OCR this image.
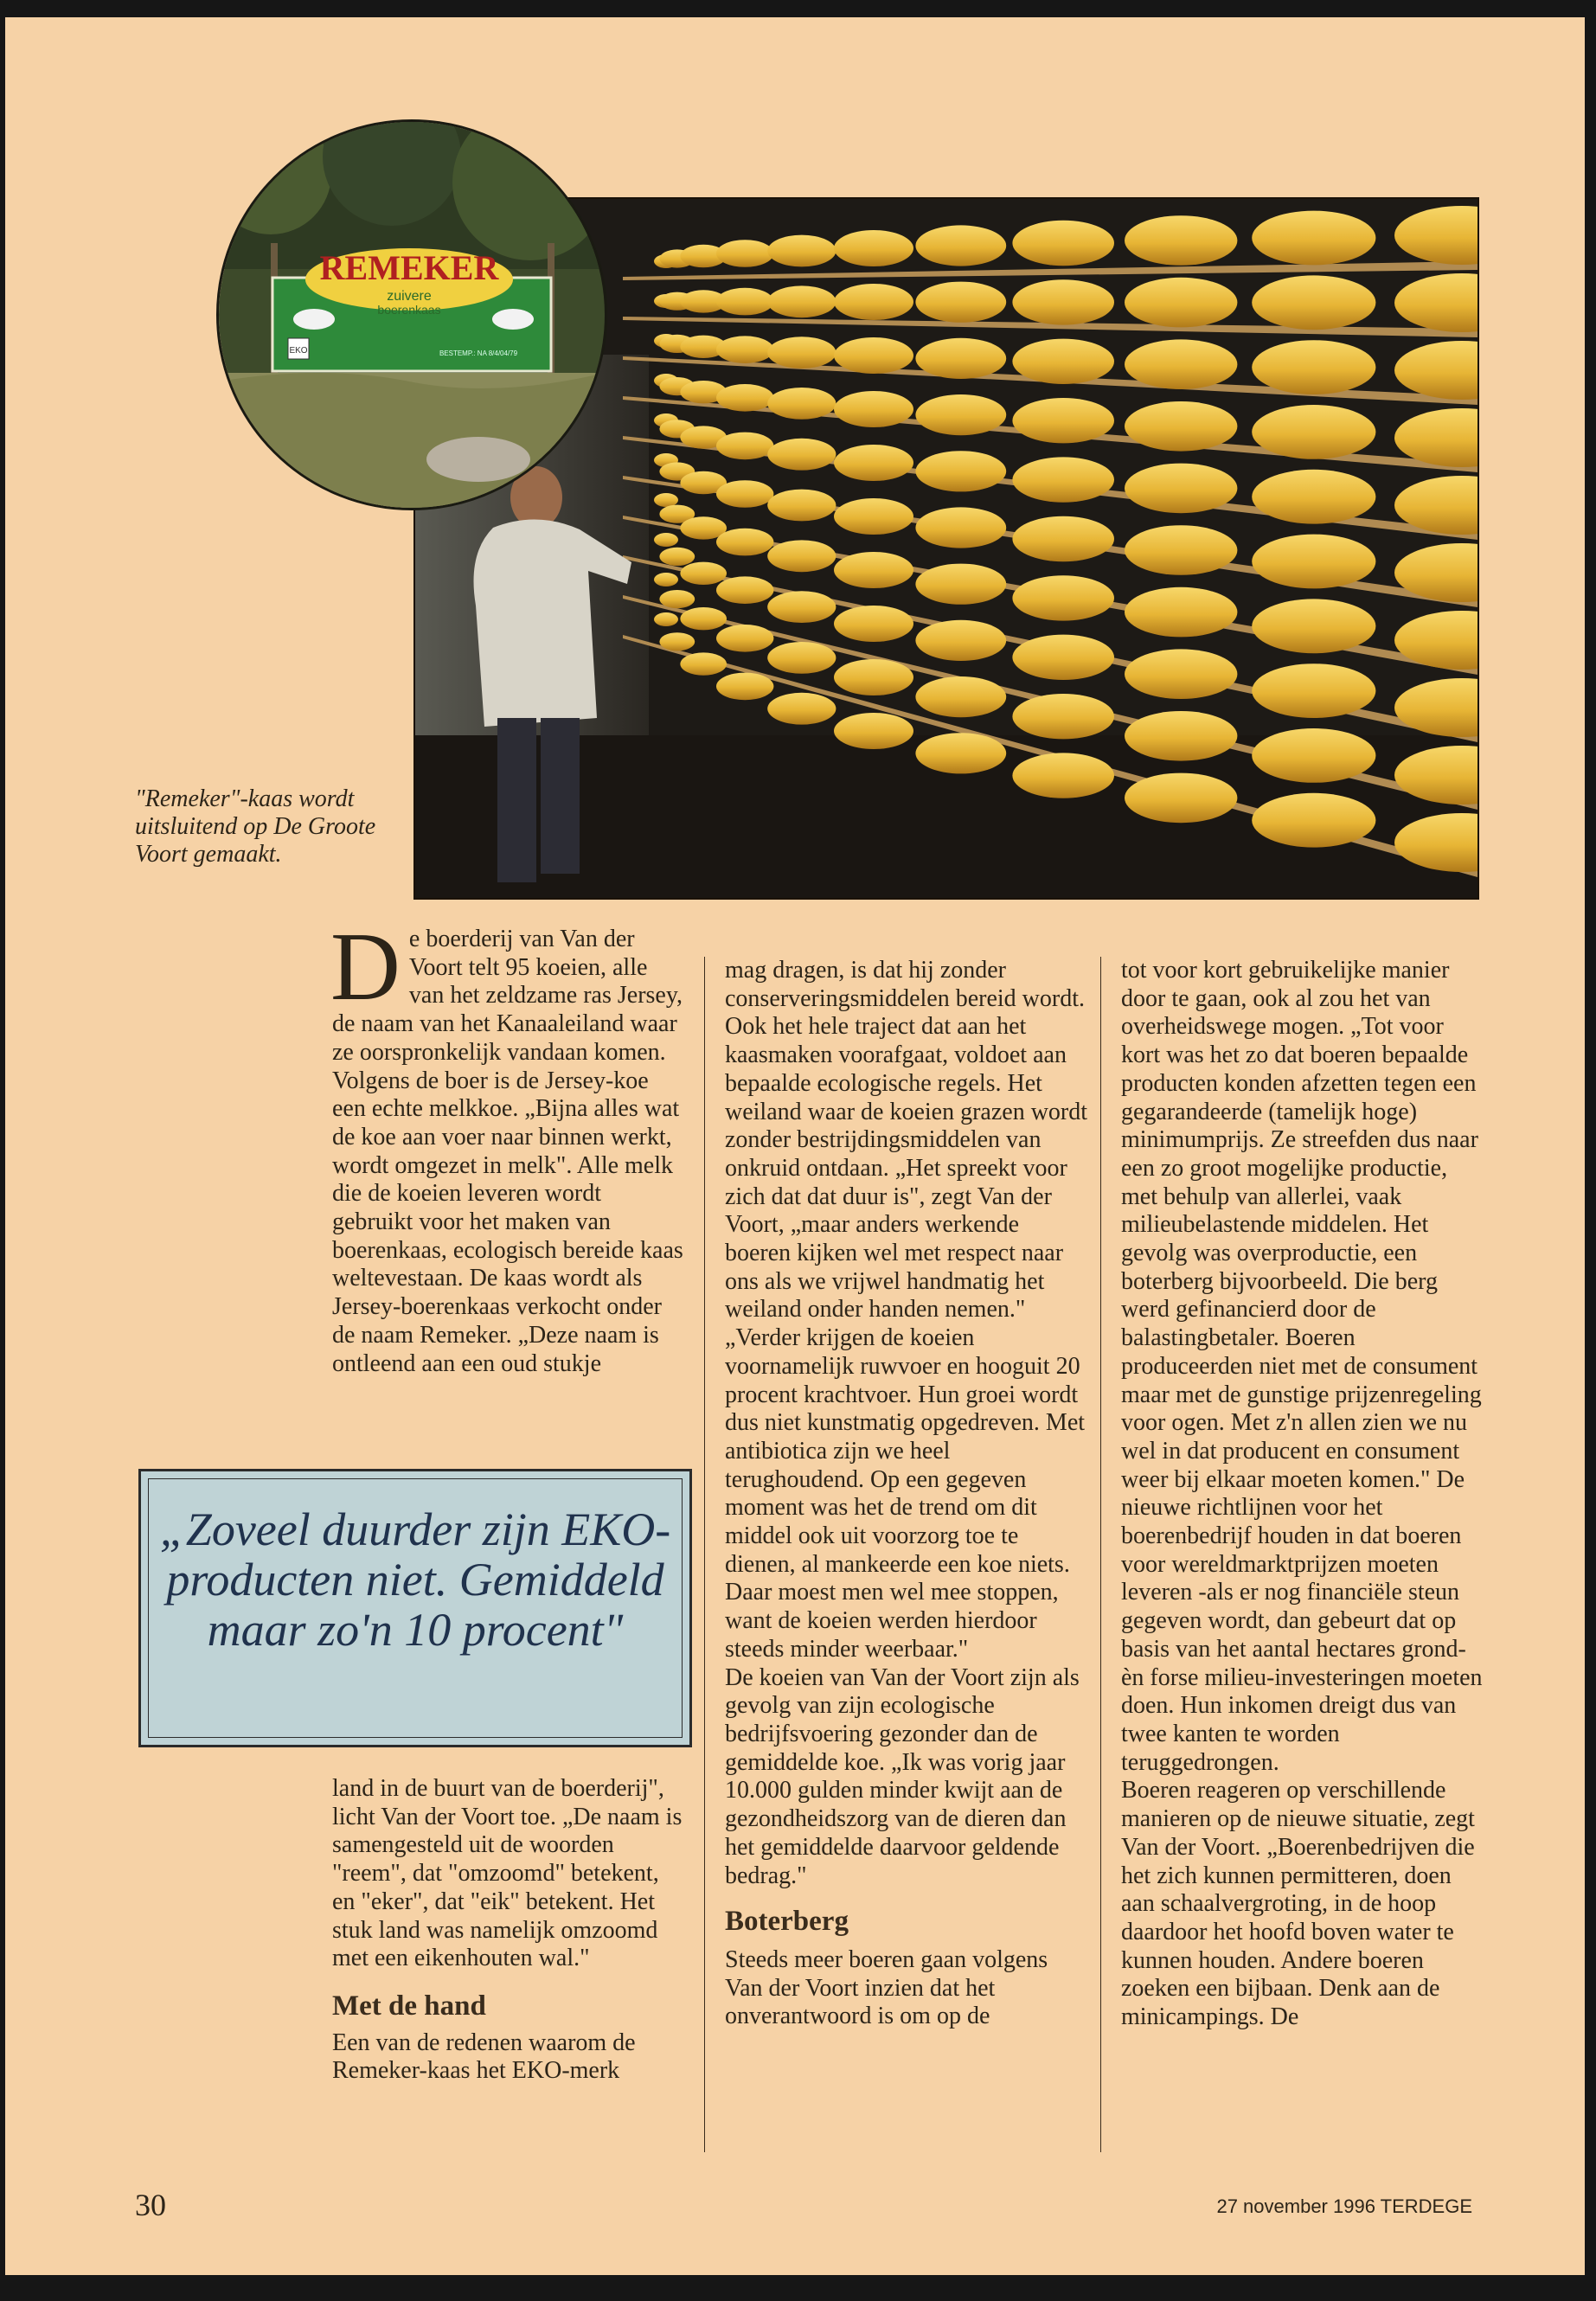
REMEKER
zuivere
boerenkaas
EKO	BESTEMP.: NA 8/4/04/79
"Remeker"-kaas wordt uitsluitend op De Groote Voort gemaakt.
De boerderij van Van der Voort telt 95 koeien, alle van het zeldzame ras Jersey, de naam van het Kanaaleiland waar ze oorspronkelijk vandaan komen. Volgens de boer is de Jersey-koe een echte melkkoe. „Bijna alles wat de koe aan voer naar binnen werkt, wordt omgezet in melk". Alle melk die de koeien leveren wordt gebruikt voor het maken van boerenkaas, ecologisch bereide kaas weltevestaan. De kaas wordt als Jersey-boerenkaas verkocht onder de naam Remeker. „Deze naam is ontleend aan een oud stukje
„Zoveel duurder zijn EKO-producten niet. Gemiddeld maar zo'n 10 procent"

land in de buurt van de boerderij", licht Van der Voort toe. „De naam is samengesteld uit de woorden "reem", dat "omzoomd" betekent, en "eker", dat "eik" betekent. Het stuk land was namelijk omzoomd met een eikenhouten wal."

Met de hand

Een van de redenen waarom de Remeker-kaas het EKO-merk

mag dragen, is dat hij zonder conserveringsmiddelen bereid wordt. Ook het hele traject dat aan het kaasmaken voorafgaat, voldoet aan bepaalde ecologische regels. Het weiland waar de koeien grazen wordt zonder bestrijdingsmiddelen van onkruid ontdaan. „Het spreekt voor zich dat dat duur is", zegt Van der Voort, „maar anders werkende boeren kijken wel met respect naar ons als we vrijwel handmatig het weiland onder handen nemen."

„Verder krijgen de koeien voornamelijk ruwvoer en hooguit 20 procent krachtvoer. Hun groei wordt dus niet kunstmatig opgedreven. Met antibiotica zijn we heel terughoudend. Op een gegeven moment was het de trend om dit middel ook uit voorzorg toe te dienen, al mankeerde een koe niets. Daar moest men wel mee stoppen, want de koeien werden hierdoor steeds minder weerbaar."

De koeien van Van der Voort zijn als gevolg van zijn ecologische bedrijfsvoering gezonder dan de gemiddelde koe. „Ik was vorig jaar 10.000 gulden minder kwijt aan de gezondheidszorg van de dieren dan het gemiddelde daarvoor geldende bedrag."

Boterberg

Steeds meer boeren gaan volgens Van der Voort inzien dat het onverantwoord is om op de

tot voor kort gebruikelijke manier door te gaan, ook al zou het van overheidswege mogen. „Tot voor kort was het zo dat boeren bepaalde producten konden afzetten tegen een gegarandeerde (tamelijk hoge) minimumprijs. Ze streefden dus naar een zo groot mogelijke productie, met behulp van allerlei, vaak milieubelastende middelen. Het gevolg was overproductie, een boterberg bijvoorbeeld. Die berg werd gefinancierd door de balastingbetaler. Boeren produceerden niet met de consument maar met de gunstige prijzenregeling voor ogen. Met z'n allen zien we nu wel in dat producent en consument weer bij elkaar moeten komen." De nieuwe richtlijnen voor het boerenbedrijf houden in dat boeren voor wereldmarktprijzen moeten leveren -als er nog financiële steun gegeven wordt, dan gebeurt dat op basis van het aantal hectares grond- èn forse milieu-investeringen moeten doen. Hun inkomen dreigt dus van twee kanten te worden teruggedrongen.

Boeren reageren op verschillende manieren op de nieuwe situatie, zegt Van der Voort. „Boerenbedrijven die het zich kunnen permitteren, doen aan schaalvergroting, in de hoop daardoor het hoofd boven water te kunnen houden. Andere boeren zoeken een bijbaan. Denk aan de minicampings. De

30	27 november 1996 TERDEGE
